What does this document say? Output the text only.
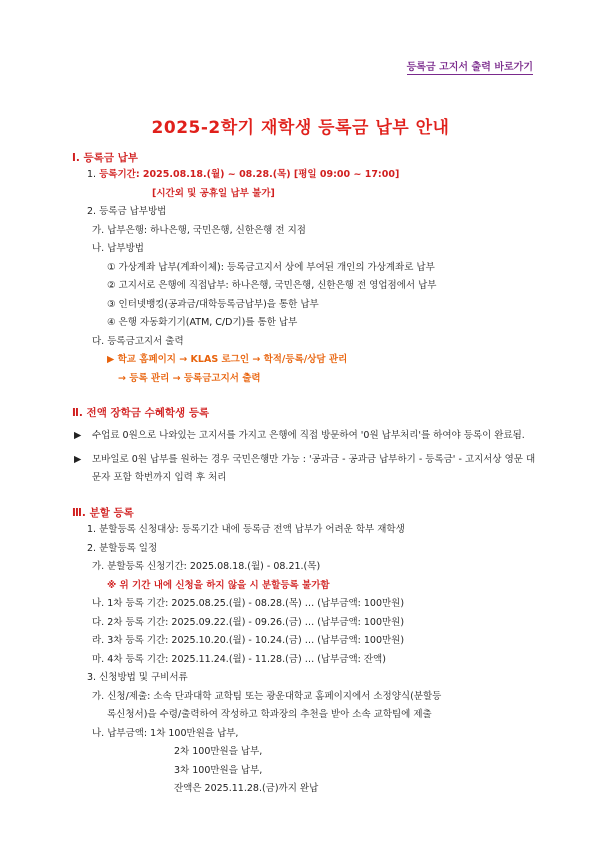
등록금 고지서 출력 바로가기
2025-2학기 재학생 등록금 납부 안내
Ⅰ. 등록금 납부
1. 등록기간: 2025.08.18.(월) ~ 08.28.(목) [평일 09:00 ~ 17:00]
[시간외 및 공휴일 납부 불가]
2. 등록금 납부방법
가. 납부은행: 하나은행, 국민은행, 신한은행 전 지점
나. 납부방법
① 가상계좌 납부(계좌이체): 등록금고지서 상에 부여된 개인의 가상계좌로 납부
② 고지서로 은행에 직접납부: 하나은행, 국민은행, 신한은행 전 영업점에서 납부
③ 인터넷뱅킹(공과금/대학등록금납부)을 통한 납부
④ 은행 자동화기기(ATM, C/D기)를 통한 납부
다. 등록금고지서 출력
▶ 학교 홈페이지 → KLAS 로그인 → 학적/등록/상담 관리
→ 등록 관리 → 등록금고지서 출력
Ⅱ. 전액 장학금 수혜학생 등록
▶	수업료 0원으로 나와있는 고지서를 가지고 은행에 직접 방문하여 '0원 납부처리'를 하여야 등록이 완료됨.
▶	모바일로 0원 납부를 원하는 경우 국민은행만 가능 : '공과금 - 공과금 납부하기 - 등록금' - 고지서상 영문 대문자 포함 학번까지 입력 후 처리
Ⅲ. 분할 등록
1. 분할등록 신청대상: 등록기간 내에 등록금 전액 납부가 어려운 학부 재학생
2. 분할등록 일정
가. 분할등록 신청기간: 2025.08.18.(월) - 08.21.(목)
※ 위 기간 내에 신청을 하지 않을 시 분할등록 불가함
나. 1차 등록 기간: 2025.08.25.(월) - 08.28.(목) … (납부금액: 100만원)
다. 2차 등록 기간: 2025.09.22.(월) - 09.26.(금) … (납부금액: 100만원)
라. 3차 등록 기간: 2025.10.20.(월) - 10.24.(금) … (납부금액: 100만원)
마. 4차 등록 기간: 2025.11.24.(월) - 11.28.(금) … (납부금액: 잔액)
3. 신청방법 및 구비서류
가. 신청/제출: 소속 단과대학 교학팀 또는 광운대학교 홈페이지에서 소정양식(분할등
록신청서)을 수령/출력하여 작성하고 학과장의 추천을 받아 소속 교학팀에 제출
나. 납부금액: 1차 100만원을 납부,
2차 100만원을 납부,
3차 100만원을 납부,
잔액은 2025.11.28.(금)까지 완납
